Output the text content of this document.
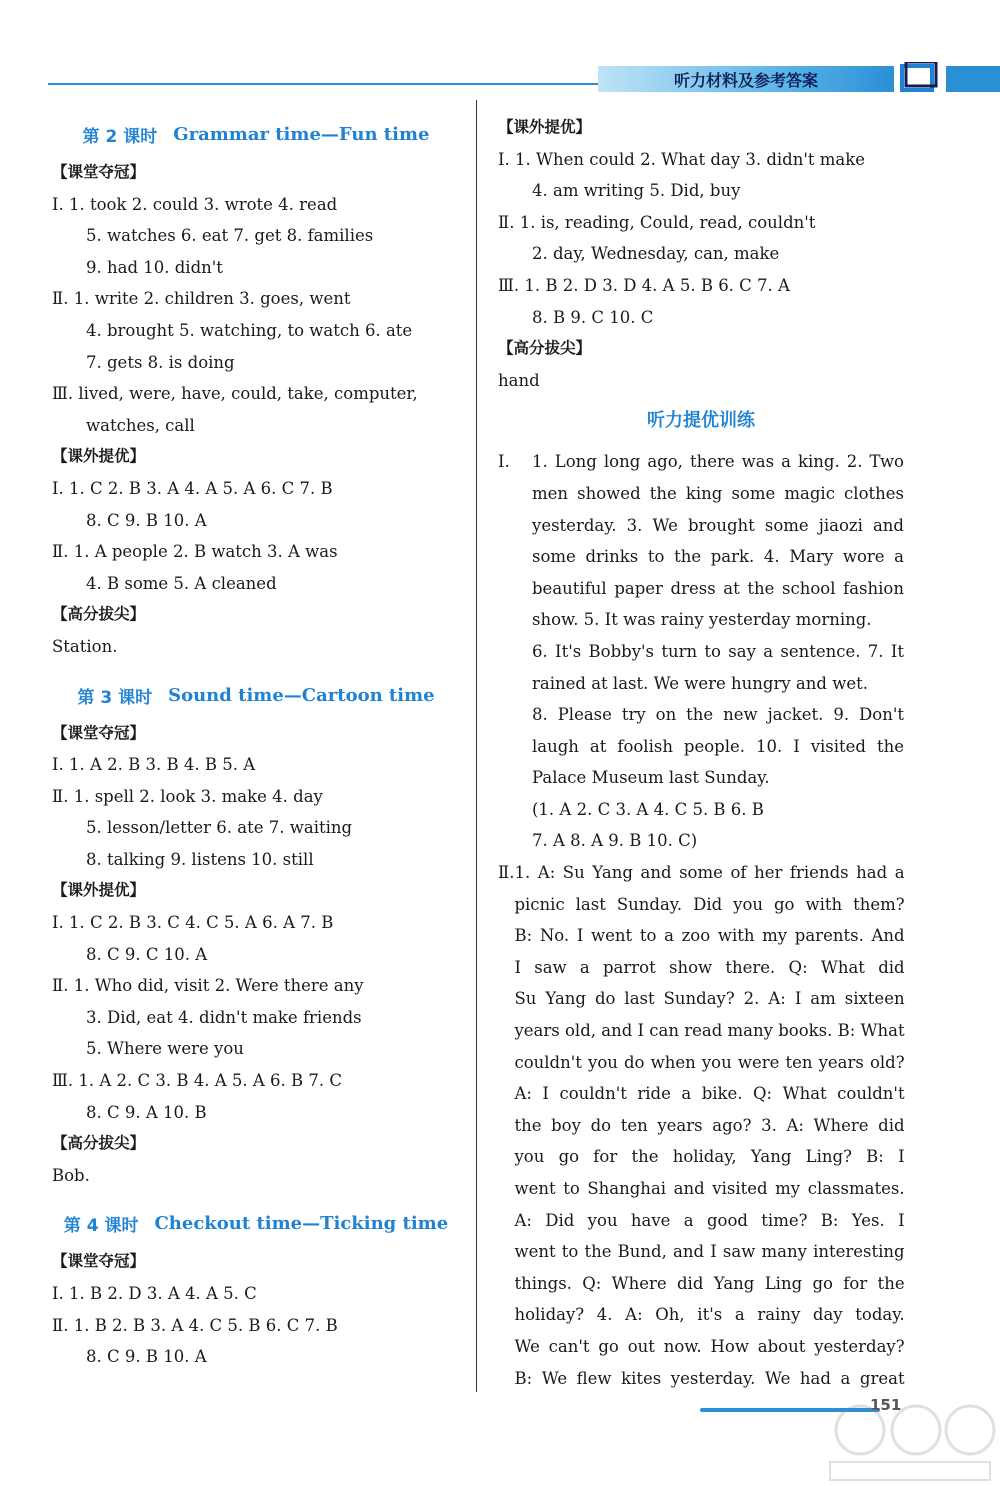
听力材料及参考答案
第 2 课时 Grammar time—Fun time
【课堂夺冠】
Ⅰ. 1. took 2. could 3. wrote 4. read
5. watches 6. eat 7. get 8. families
9. had 10. didn't
Ⅱ. 1. write 2. children 3. goes, went
4. brought 5. watching, to watch 6. ate
7. gets 8. is doing
Ⅲ. lived, were, have, could, take, computer,
watches, call
【课外提优】
Ⅰ. 1. C 2. B 3. A 4. A 5. A 6. C 7. B
8. C 9. B 10. A
Ⅱ. 1. A people 2. B watch 3. A was
4. B some 5. A cleaned
【高分拔尖】
Station.
第 3 课时 Sound time—Cartoon time
【课堂夺冠】
Ⅰ. 1. A 2. B 3. B 4. B 5. A
Ⅱ. 1. spell 2. look 3. make 4. day
5. lesson/letter 6. ate 7. waiting
8. talking 9. listens 10. still
【课外提优】
Ⅰ. 1. C 2. B 3. C 4. C 5. A 6. A 7. B
8. C 9. C 10. A
Ⅱ. 1. Who did, visit 2. Were there any
3. Did, eat 4. didn't make friends
5. Where were you
Ⅲ. 1. A 2. C 3. B 4. A 5. A 6. B 7. C
8. C 9. A 10. B
【高分拔尖】
Bob.
第 4 课时 Checkout time—Ticking time
【课堂夺冠】
Ⅰ. 1. B 2. D 3. A 4. A 5. C
Ⅱ. 1. B 2. B 3. A 4. C 5. B 6. C 7. B
8. C 9. B 10. A
【课外提优】
Ⅰ. 1. When could 2. What day 3. didn't make
4. am writing 5. Did, buy
Ⅱ. 1. is, reading, Could, read, couldn't
2. day, Wednesday, can, make
Ⅲ. 1. B 2. D 3. D 4. A 5. B 6. C 7. A
8. B 9. C 10. C
【高分拔尖】
hand
听力提优训练
Ⅰ.	1. Long long ago, there was a king. 2. Two
men showed the king some magic clothes
yesterday. 3. We brought some jiaozi and
some drinks to the park. 4. Mary wore a
beautiful paper dress at the school fashion
show. 5. It was rainy yesterday morning.
6. It's Bobby's turn to say a sentence. 7. It
rained at last. We were hungry and wet.
8. Please try on the new jacket. 9. Don't
laugh at foolish people. 10. I visited the
Palace Museum last Sunday.
(1. A 2. C 3. A 4. C 5. B 6. B
7. A 8. A 9. B 10. C)
Ⅱ. 1. A: Su Yang and some of her friends had a
picnic last Sunday. Did you go with them?
B: No. I went to a zoo with my parents. And
I saw a parrot show there. Q: What did
Su Yang do last Sunday? 2. A: I am sixteen
years old, and I can read many books. B: What
couldn't you do when you were ten years old?
A: I couldn't ride a bike. Q: What couldn't
the boy do ten years ago? 3. A: Where did
you go for the holiday, Yang Ling? B: I
went to Shanghai and visited my classmates.
A: Did you have a good time? B: Yes. I
went to the Bund, and I saw many interesting
things. Q: Where did Yang Ling go for the
holiday? 4. A: Oh, it's a rainy day today.
We can't go out now. How about yesterday?
B: We flew kites yesterday. We had a great
151
